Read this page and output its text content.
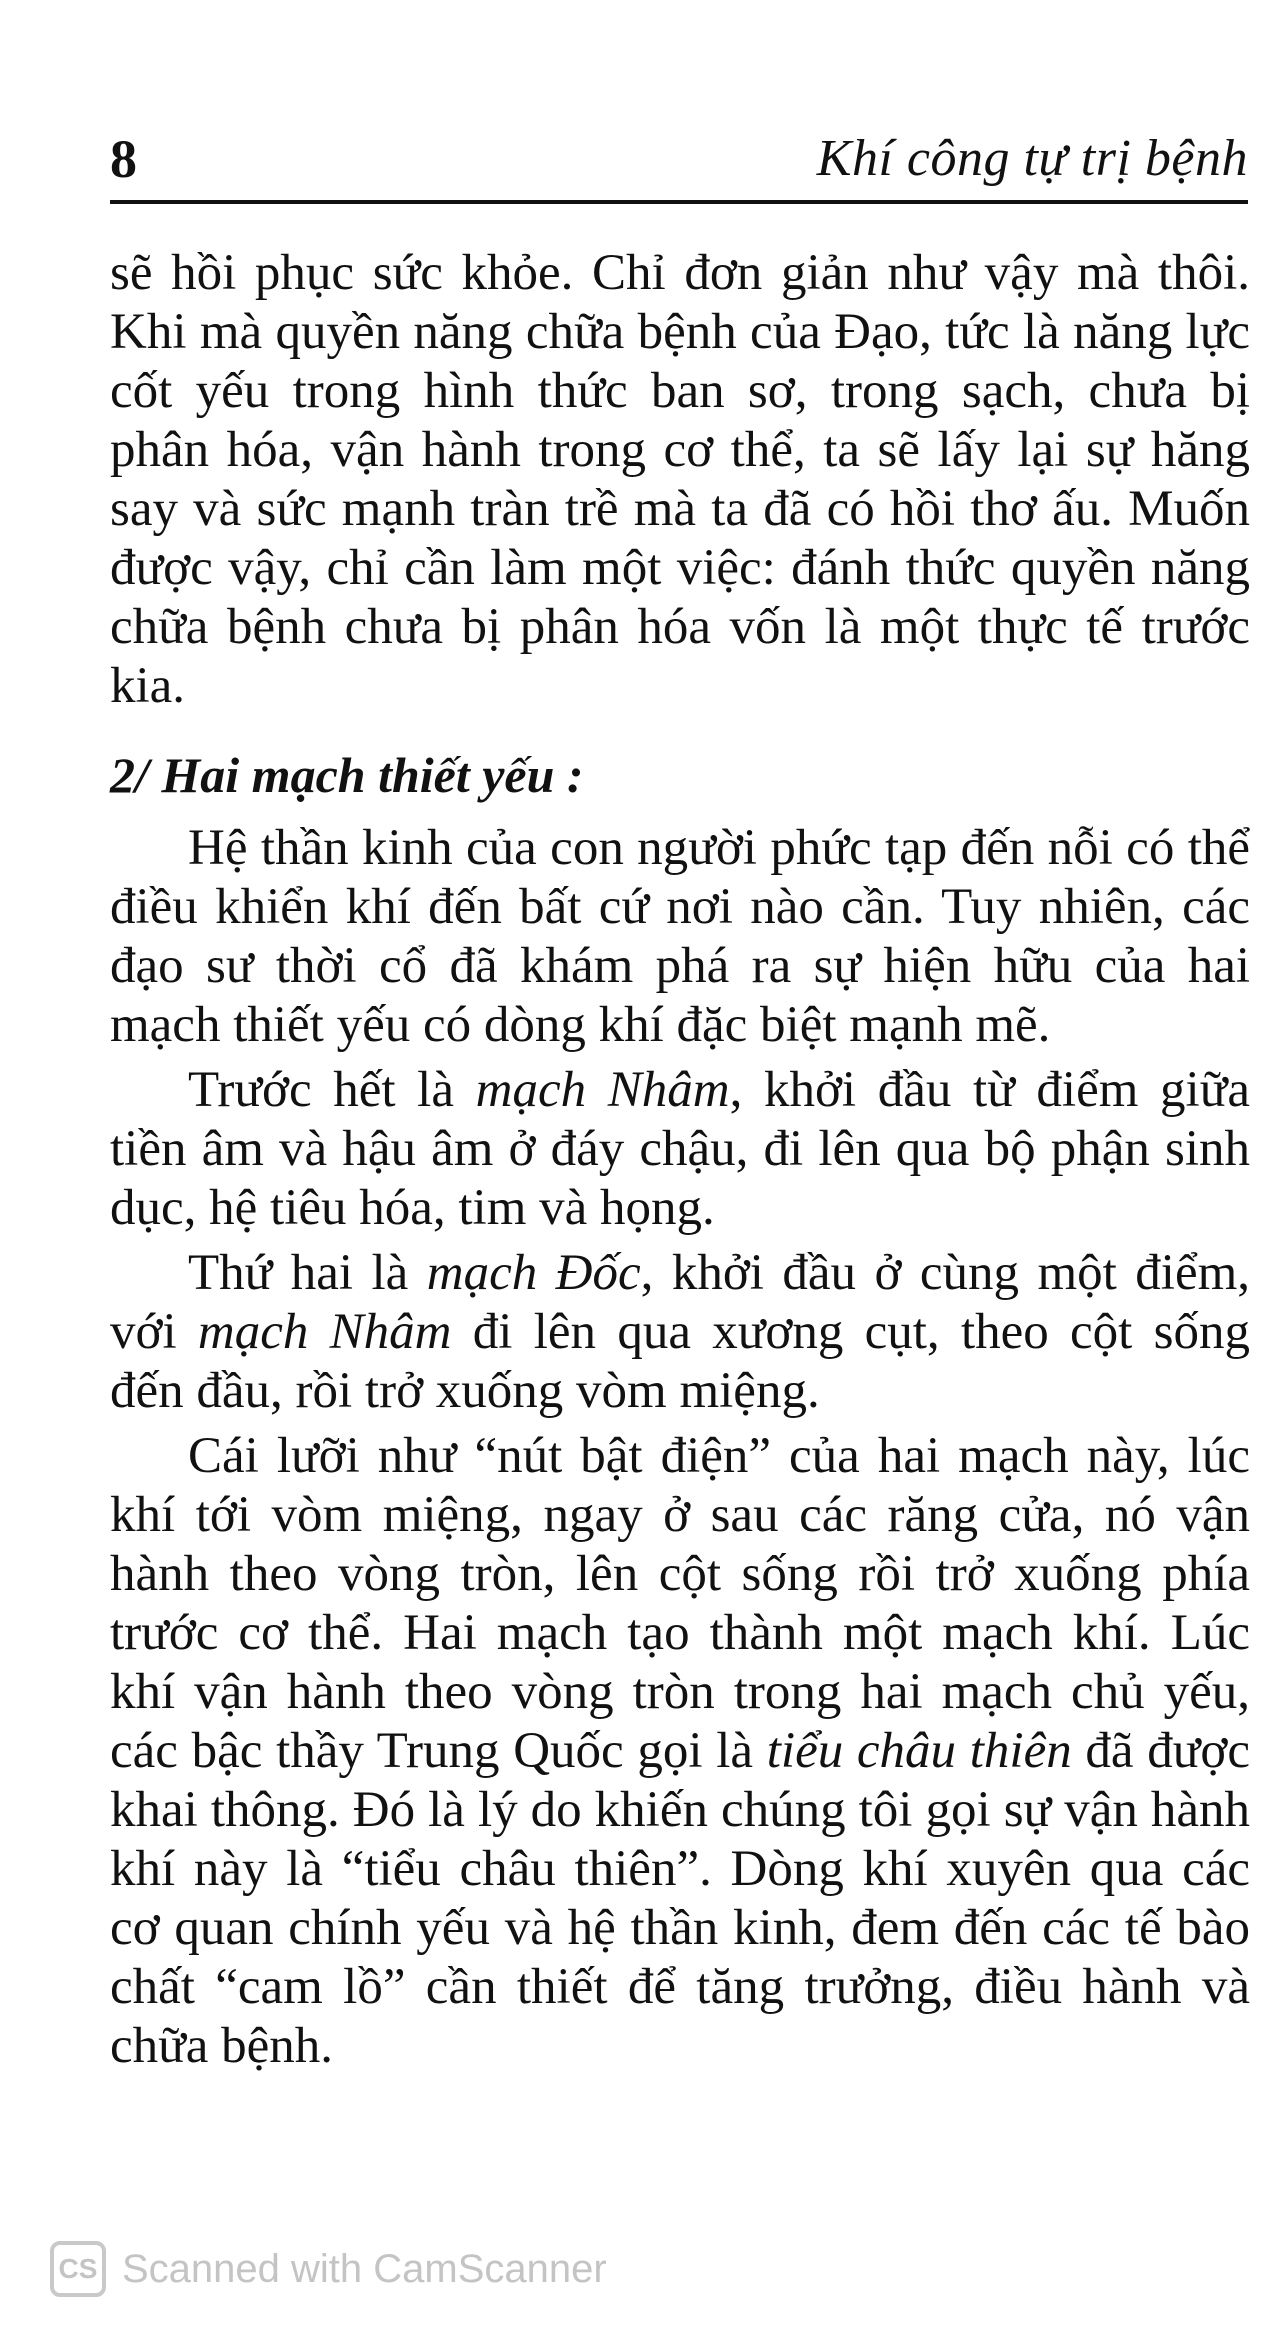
8	Khí công tự trị bệnh

sẽ hồi phục sức khỏe. Chỉ đơn giản như vậy mà thôi. Khi mà quyền năng chữa bệnh của Đạo, tức là năng lực cốt yếu trong hình thức ban sơ, trong sạch, chưa bị phân hóa, vận hành trong cơ thể, ta sẽ lấy lại sự hăng say và sức mạnh tràn trề mà ta đã có hồi thơ ấu. Muốn được vậy, chỉ cần làm một việc: đánh thức quyền năng chữa bệnh chưa bị phân hóa vốn là một thực tế trước kia.

2/ Hai mạch thiết yếu :

Hệ thần kinh của con người phức tạp đến nỗi có thể điều khiển khí đến bất cứ nơi nào cần. Tuy nhiên, các đạo sư thời cổ đã khám phá ra sự hiện hữu của hai mạch thiết yếu có dòng khí đặc biệt mạnh mẽ.

Trước hết là mạch Nhâm, khởi đầu từ điểm giữa tiền âm và hậu âm ở đáy chậu, đi lên qua bộ phận sinh dục, hệ tiêu hóa, tim và họng.

Thứ hai là mạch Đốc, khởi đầu ở cùng một điểm, với mạch Nhâm đi lên qua xương cụt, theo cột sống đến đầu, rồi trở xuống vòm miệng.

Cái lưỡi như “nút bật điện” của hai mạch này, lúc khí tới vòm miệng, ngay ở sau các răng cửa, nó vận hành theo vòng tròn, lên cột sống rồi trở xuống phía trước cơ thể. Hai mạch tạo thành một mạch khí. Lúc khí vận hành theo vòng tròn trong hai mạch chủ yếu, các bậc thầy Trung Quốc gọi là tiểu châu thiên đã được khai thông. Đó là lý do khiến chúng tôi gọi sự vận hành khí này là “tiểu châu thiên”. Dòng khí xuyên qua các cơ quan chính yếu và hệ thần kinh, đem đến các tế bào chất “cam lồ” cần thiết để tăng trưởng, điều hành và chữa bệnh.

CS Scanned with CamScanner
